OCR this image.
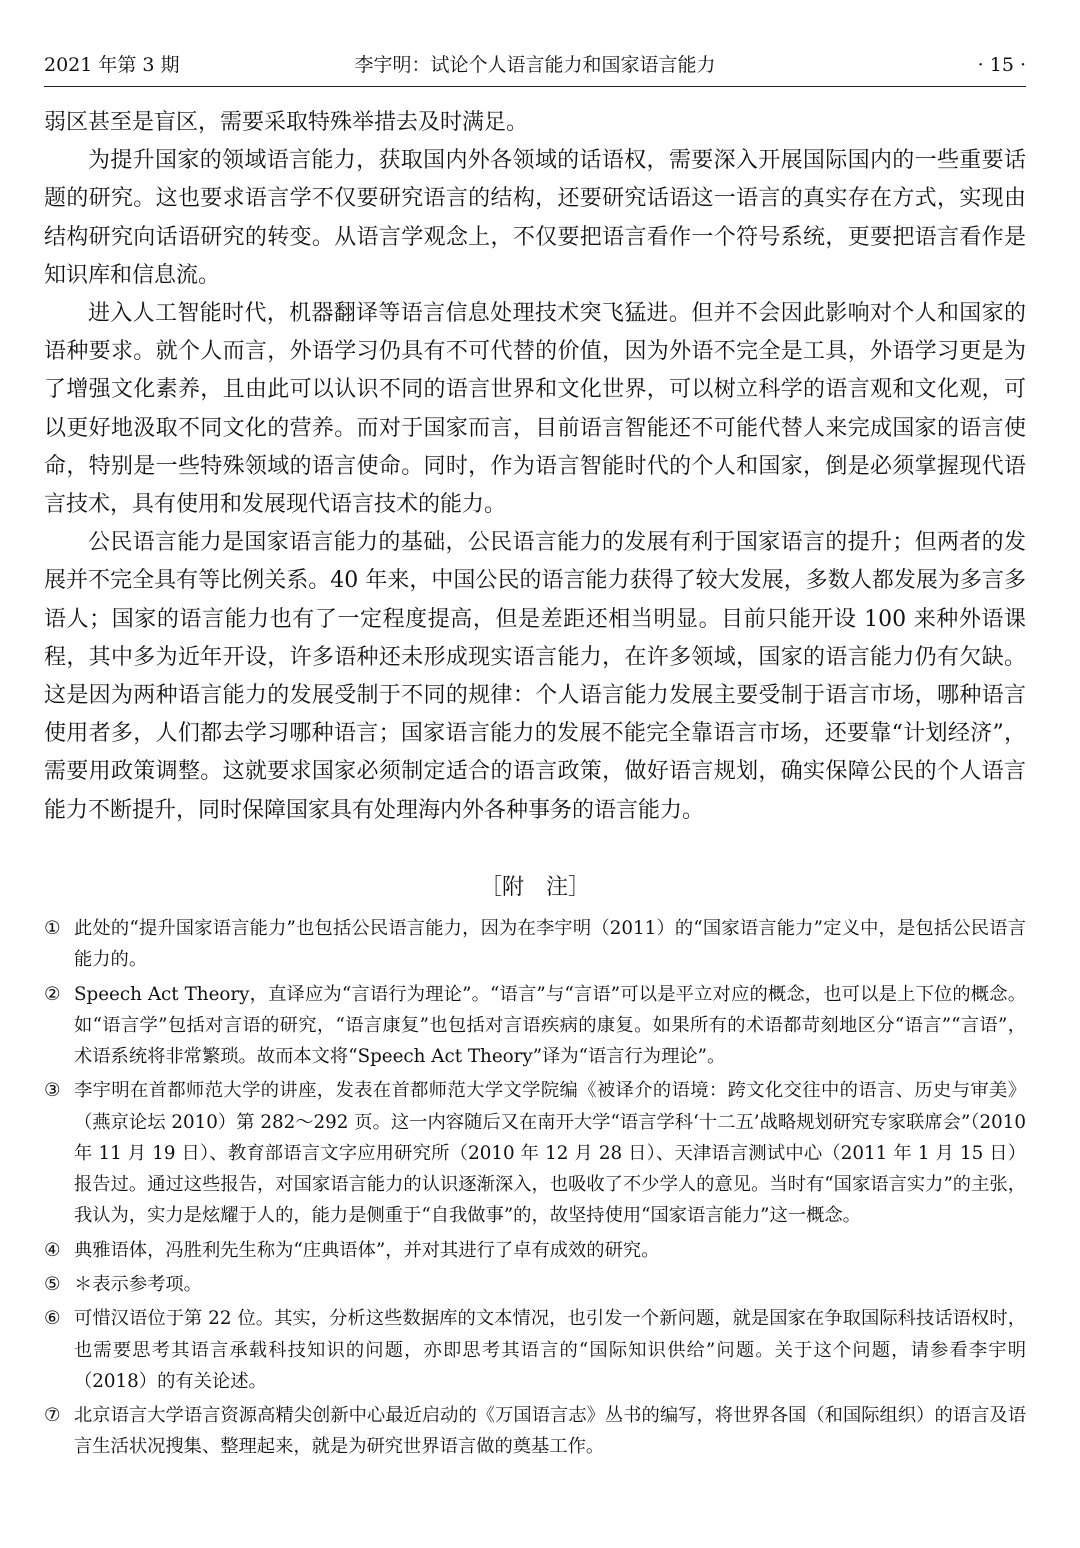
2021 年第 3 期	李宇明：试论个人语言能力和国家语言能力	· 15 ·

弱区甚至是盲区，需要采取特殊举措去及时满足。

为提升国家的领域语言能力，获取国内外各领域的话语权，需要深入开展国际国内的一些重要话题的研究。这也要求语言学不仅要研究语言的结构，还要研究话语这一语言的真实存在方式，实现由结构研究向话语研究的转变。从语言学观念上，不仅要把语言看作一个符号系统，更要把语言看作是知识库和信息流。

进入人工智能时代，机器翻译等语言信息处理技术突飞猛进。但并不会因此影响对个人和国家的语种要求。就个人而言，外语学习仍具有不可代替的价值，因为外语不完全是工具，外语学习更是为了增强文化素养，且由此可以认识不同的语言世界和文化世界，可以树立科学的语言观和文化观，可以更好地汲取不同文化的营养。而对于国家而言，目前语言智能还不可能代替人来完成国家的语言使命，特别是一些特殊领域的语言使命。同时，作为语言智能时代的个人和国家，倒是必须掌握现代语言技术，具有使用和发展现代语言技术的能力。

公民语言能力是国家语言能力的基础，公民语言能力的发展有利于国家语言的提升；但两者的发展并不完全具有等比例关系。40 年来，中国公民的语言能力获得了较大发展，多数人都发展为多言多语人；国家的语言能力也有了一定程度提高，但是差距还相当明显。目前只能开设 100 来种外语课程，其中多为近年开设，许多语种还未形成现实语言能力，在许多领域，国家的语言能力仍有欠缺。这是因为两种语言能力的发展受制于不同的规律：个人语言能力发展主要受制于语言市场，哪种语言使用者多，人们都去学习哪种语言；国家语言能力的发展不能完全靠语言市场，还要靠“计划经济”，需要用政策调整。这就要求国家必须制定适合的语言政策，做好语言规划，确实保障公民的个人语言能力不断提升，同时保障国家具有处理海内外各种事务的语言能力。

［附　注］
① 此处的“提升国家语言能力”也包括公民语言能力，因为在李宇明（2011）的“国家语言能力”定义中，是包括公民语言能力的。
② Speech Act Theory，直译应为“言语行为理论”。“语言”与“言语”可以是平立对应的概念，也可以是上下位的概念。如“语言学”包括对言语的研究，“语言康复”也包括对言语疾病的康复。如果所有的术语都苛刻地区分“语言”“言语”，术语系统将非常繁琐。故而本文将“Speech Act Theory”译为“语言行为理论”。
③ 李宇明在首都师范大学的讲座，发表在首都师范大学文学院编《被译介的语境：跨文化交往中的语言、历史与审美》（燕京论坛 2010）第 282～292 页。这一内容随后又在南开大学“语言学科‘十二五’战略规划研究专家联席会”（2010 年 11 月 19 日）、教育部语言文字应用研究所（2010 年 12 月 28 日）、天津语言测试中心（2011 年 1 月 15 日）报告过。通过这些报告，对国家语言能力的认识逐渐深入，也吸收了不少学人的意见。当时有“国家语言实力”的主张，我认为，实力是炫耀于人的，能力是侧重于“自我做事”的，故坚持使用“国家语言能力”这一概念。
④ 典雅语体，冯胜利先生称为“庄典语体”，并对其进行了卓有成效的研究。
⑤ ＊表示参考项。
⑥ 可惜汉语位于第 22 位。其实，分析这些数据库的文本情况，也引发一个新问题，就是国家在争取国际科技话语权时，也需要思考其语言承载科技知识的问题，亦即思考其语言的“国际知识供给”问题。关于这个问题，请参看李宇明（2018）的有关论述。
⑦ 北京语言大学语言资源高精尖创新中心最近启动的《万国语言志》丛书的编写，将世界各国（和国际组织）的语言及语言生活状况搜集、整理起来，就是为研究世界语言做的奠基工作。
